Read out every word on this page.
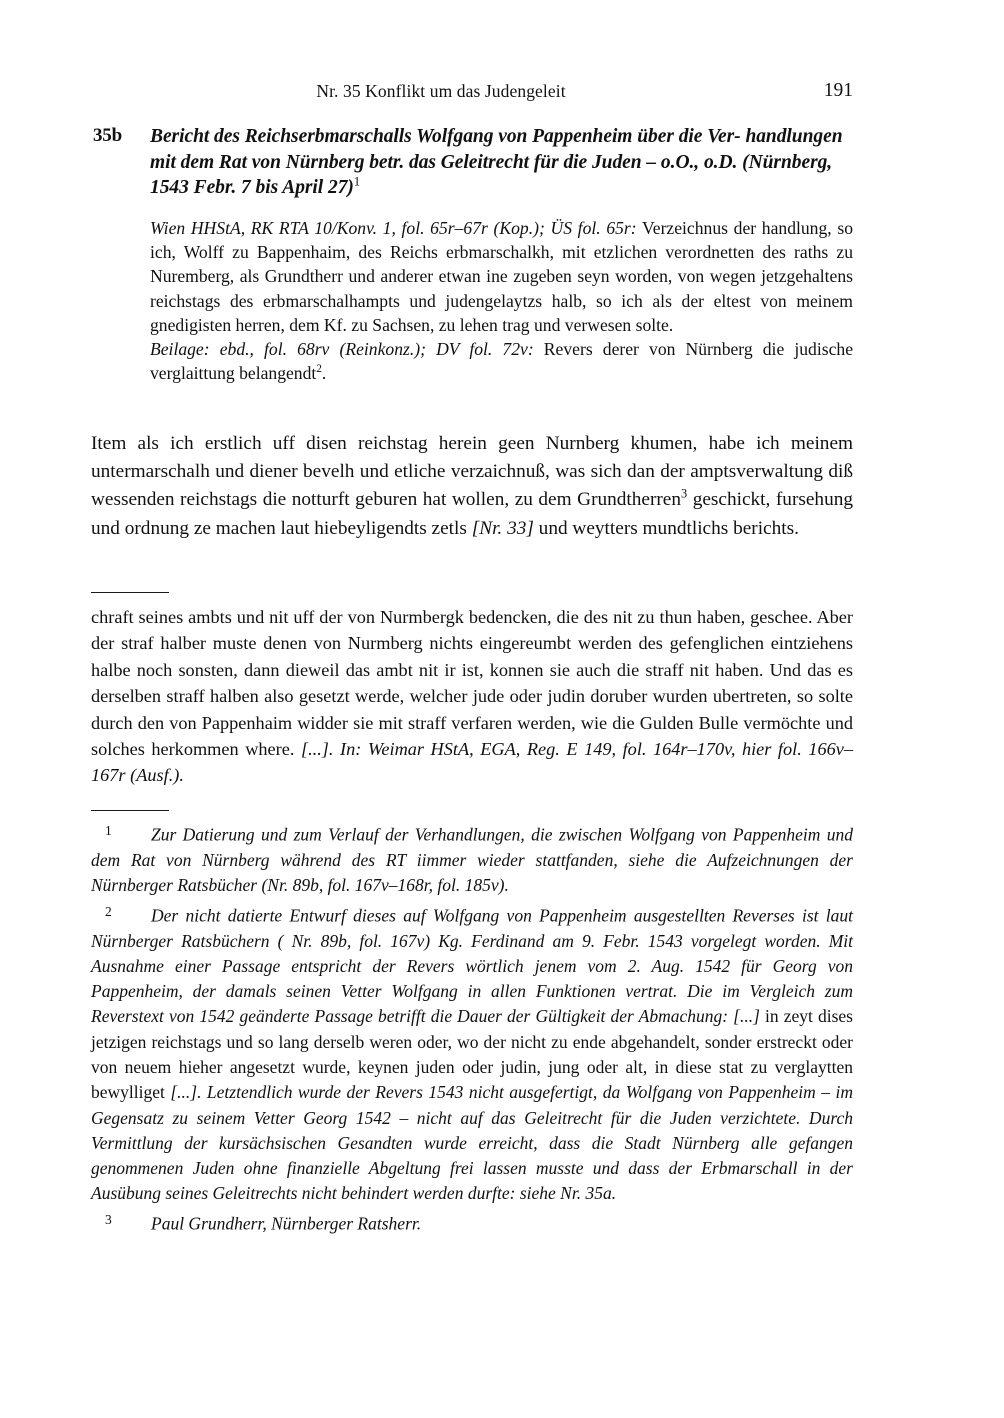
Nr. 35 Konflikt um das Judengeleit	191
35b Bericht des Reichserbmarschalls Wolfgang von Pappenheim über die Ver- handlungen mit dem Rat von Nürnberg betr. das Geleitrecht für die Juden – o.O., o.D. (Nürnberg, 1543 Febr. 7 bis April 27)$^1$

Wien HHStA, RK RTA 10/Konv. 1, fol. 65r–67r (Kop.); ÜS fol. 65r: Verzeichnus der handlung, so ich, Wolff zu Bappenhaim, des Reichs erbmarschalkh, mit etzlichen verordnetten des raths zu Nuremberg, als Grundtherr und anderer etwan ine zugeben seyn worden, von wegen jetzgehaltens reichstags des erbmarschalhampts und judengelaytzs halb, so ich als der eltest von meinem gnedigisten herren, dem Kf. zu Sachsen, zu lehen trag und verwesen solte.

Beilage: ebd., fol. 68rv (Reinkonz.); DV fol. 72v: Revers derer von Nürnberg die judische verglaittung belangendt$^2$.

Item als ich erstlich uff disen reichstag herein geen Nurnberg khumen, habe ich meinem untermarschalh und diener bevelh und etliche verzaichnuß, was sich dan der amptsverwaltung diß wessenden reichstags die notturft geburen hat wollen, zu dem Grundtherren$^3$ geschickt, fursehung und ordnung ze machen laut hiebeyligendts zetls [Nr. 33] und weytters mundtlichs berichts.

chraft seines ambts und nit uff der von Nurmbergk bedencken, die des nit zu thun haben, geschee. Aber der straf halber muste denen von Nurmberg nichts eingereumbt werden des gefenglichen eintziehens halbe noch sonsten, dann dieweil das ambt nit ir ist, konnen sie auch die straff nit haben. Und das es derselben straff halben also gesetzt werde, welcher jude oder judin doruber wurden ubertreten, so solte durch den von Pappenhaim widder sie mit straff verfaren werden, wie die Gulden Bulle vermöchte und solches herkommen where. [...]. In: Weimar HStA, EGA, Reg. E 149, fol. 164r–170v, hier fol. 166v–167r (Ausf.).

1 Zur Datierung und zum Verlauf der Verhandlungen, die zwischen Wolfgang von Pappenheim und dem Rat von Nürnberg während des RT iimmer wieder stattfanden, siehe die Aufzeichnungen der Nürnberger Ratsbücher (Nr. 89b, fol. 167v–168r, fol. 185v).

2 Der nicht datierte Entwurf dieses auf Wolfgang von Pappenheim ausgestellten Reverses ist laut Nürnberger Ratsbüchern ( Nr. 89b, fol. 167v) Kg. Ferdinand am 9. Febr. 1543 vorgelegt worden. Mit Ausnahme einer Passage entspricht der Revers wörtlich jenem vom 2. Aug. 1542 für Georg von Pappenheim, der damals seinen Vetter Wolfgang in allen Funktionen vertrat. Die im Vergleich zum Reverstext von 1542 geänderte Passage betrifft die Dauer der Gültigkeit der Abmachung: [...] in zeyt dises jetzigen reichstags und so lang derselb weren oder, wo der nicht zu ende abgehandelt, sonder erstreckt oder von neuem hieher angesetzt wurde, keynen juden oder judin, jung oder alt, in diese stat zu verglaytten bewylliget [...]. Letztendlich wurde der Revers 1543 nicht ausgefertigt, da Wolfgang von Pappenheim – im Gegensatz zu seinem Vetter Georg 1542 – nicht auf das Geleitrecht für die Juden verzichtete. Durch Vermittlung der kursächsischen Gesandten wurde erreicht, dass die Stadt Nürnberg alle gefangen genommenen Juden ohne finanzielle Abgeltung frei lassen musste und dass der Erbmarschall in der Ausübung seines Geleitrechts nicht behindert werden durfte: siehe Nr. 35a.

3 Paul Grundherr, Nürnberger Ratsherr.
